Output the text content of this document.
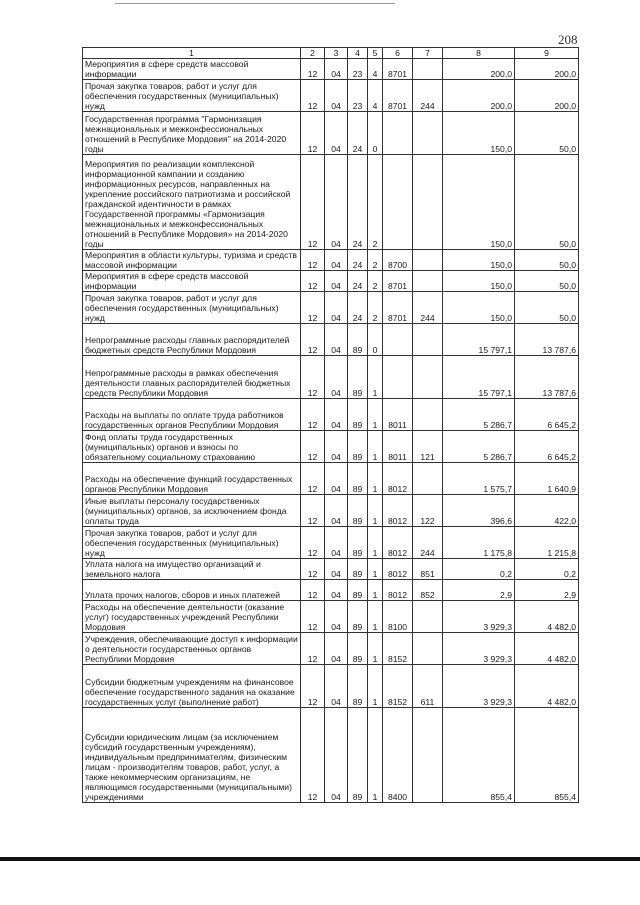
208
1	2	3	4	5	6	7	8	9
Мероприятия в сфере средств массовой информации	12	04	23	4	8701		200,0	200,0
Прочая закупка товаров, работ и услуг для обеспечения государственных (муниципальных) нужд	12	04	23	4	8701	244	200,0	200,0
Государственная программа "Гармонизация межнациональных и межконфессиональных отношений в Республике Мордовия" на 2014-2020 годы	12	04	24	0			150,0	50,0
Мероприятия по реализации комплексной информационной кампании и созданию информационных ресурсов, направленных на укрепление российского патриотизма и российской гражданской идентичности в рамках Государственной программы «Гармонизация межнациональных и межконфессиональных отношений в Республике Мордовия» на 2014-2020 годы	12	04	24	2			150,0	50,0
Мероприятия в области культуры, туризма и средств массовой информации	12	04	24	2	8700		150,0	50,0
Мероприятия в сфере средств массовой информации	12	04	24	2	8701		150,0	50,0
Прочая закупка товаров, работ и услуг для обеспечения государственных (муниципальных) нужд	12	04	24	2	8701	244	150,0	50,0
Непрограммные расходы главных распорядителей бюджетных средств Республики Мордовия	12	04	89	0			15 797,1	13 787,6
Непрограммные расходы в рамках обеспечения деятельности главных распорядителей бюджетных средств Республики Мордовия	12	04	89	1			15 797,1	13 787,6
Расходы на выплаты по оплате труда работников государственных органов Республики Мордовия	12	04	89	1	8011		5 286,7	6 645,2
Фонд оплаты труда государственных (муниципальных) органов и взносы по обязательному социальному страхованию	12	04	89	1	8011	121	5 286,7	6 645,2
Расходы на обеспечение функций государственных органов Республики Мордовия	12	04	89	1	8012		1 575,7	1 640,9
Иные выплаты персоналу государственных (муниципальных) органов, за исключением фонда оплаты труда	12	04	89	1	8012	122	396,6	422,0
Прочая закупка товаров, работ и услуг для обеспечения государственных (муниципальных) нужд	12	04	89	1	8012	244	1 175,8	1 215,8
Уплата налога на имущество организаций и земельного налога	12	04	89	1	8012	851	0,2	0,2
Уплата прочих налогов, сборов и иных платежей	12	04	89	1	8012	852	2,9	2,9
Расходы на обеспечение деятельности (оказание услуг) государственных учреждений Республики Мордовия	12	04	89	1	8100		3 929,3	4 482,0
Учреждения, обеспечивающие доступ к информации о деятельности государственных органов Республики Мордовия	12	04	89	1	8152		3 929,3	4 482,0
Субсидии бюджетным учреждениям на финансовое обеспечение государственного задания на оказание государственных услуг (выполнение работ)	12	04	89	1	8152	611	3 929,3	4 482,0
Субсидии юридическим лицам (за исключением субсидий государственным учреждениям), индивидуальным предпринимателям, физическим лицам - производителям товаров, работ, услуг, а также некоммерческим организациям, не являющимся государственными (муниципальными) учреждениями	12	04	89	1	8400		855,4	855,4
